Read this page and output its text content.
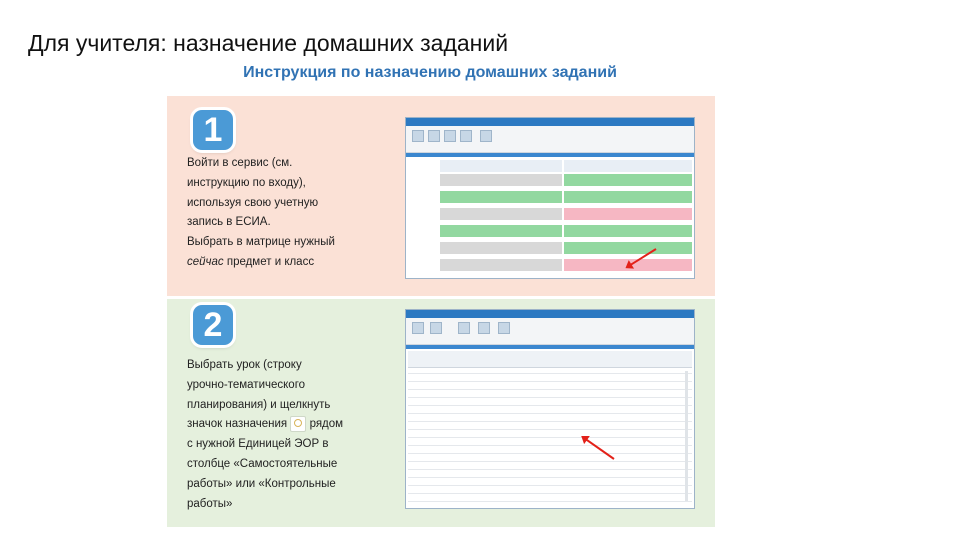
Для учителя: назначение домашних заданий
Инструкция по назначению домашних заданий
1
Войти в сервис (см.
инструкцию по входу),
используя свою учетную
запись в ЕСИА.
Выбрать в матрице нужный
сейчас предмет и класс
2
Выбрать урок (строку
урочно-тематического
планирования) и щелкнуть
значок назначения рядом
с нужной Единицей ЭОР в
столбце «Самостоятельные
работы» или «Контрольные
работы»
